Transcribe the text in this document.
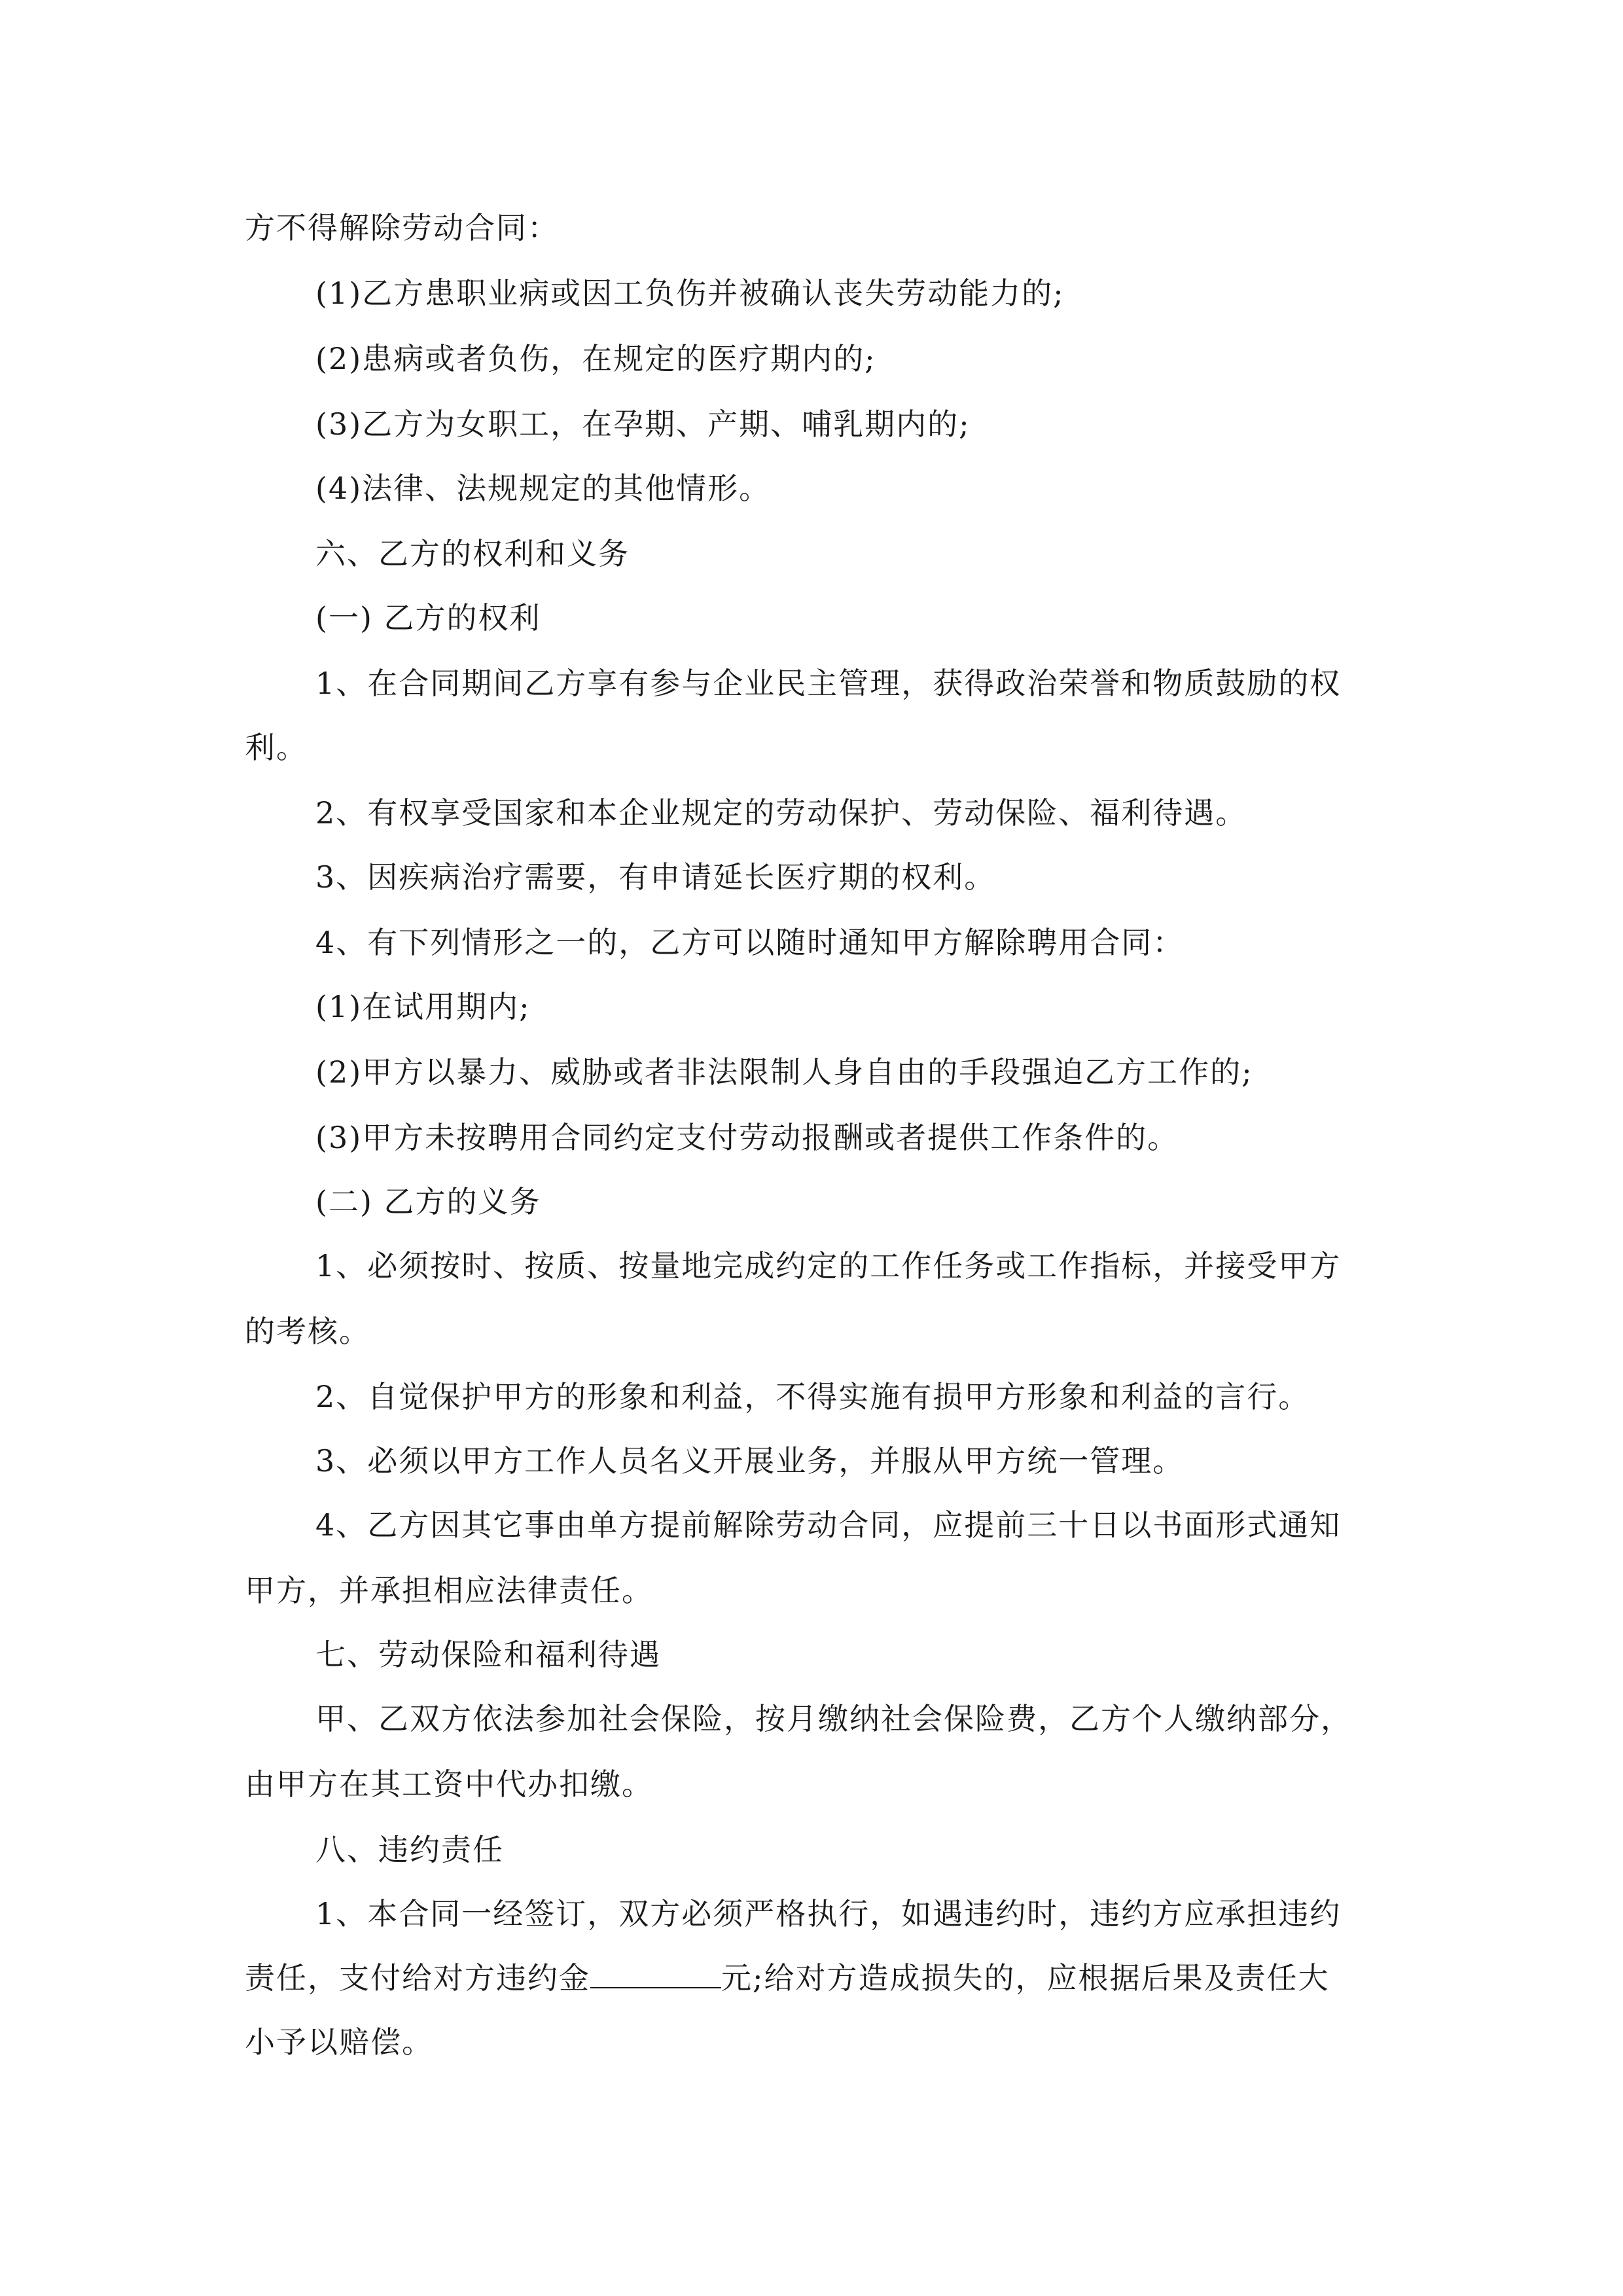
方不得解除劳动合同：
(1)乙方患职业病或因工负伤并被确认丧失劳动能力的;
(2)患病或者负伤，在规定的医疗期内的;
(3)乙方为女职工，在孕期、产期、哺乳期内的;
(4)法律、法规规定的其他情形。
六、乙方的权利和义务
(一) 乙方的权利
1、在合同期间乙方享有参与企业民主管理，获得政治荣誉和物质鼓励的权
利。
2、有权享受国家和本企业规定的劳动保护、劳动保险、福利待遇。
3、因疾病治疗需要，有申请延长医疗期的权利。
4、有下列情形之一的，乙方可以随时通知甲方解除聘用合同：
(1)在试用期内;
(2)甲方以暴力、威胁或者非法限制人身自由的手段强迫乙方工作的;
(3)甲方未按聘用合同约定支付劳动报酬或者提供工作条件的。
(二) 乙方的义务
1、必须按时、按质、按量地完成约定的工作任务或工作指标，并接受甲方
的考核。
2、自觉保护甲方的形象和利益，不得实施有损甲方形象和利益的言行。
3、必须以甲方工作人员名义开展业务，并服从甲方统一管理。
4、乙方因其它事由单方提前解除劳动合同，应提前三十日以书面形式通知
甲方，并承担相应法律责任。
七、劳动保险和福利待遇
甲、乙双方依法参加社会保险，按月缴纳社会保险费，乙方个人缴纳部分，
由甲方在其工资中代办扣缴。
八、违约责任
1、本合同一经签订，双方必须严格执行，如遇违约时，违约方应承担违约
责任，支付给对方违约金	元;给对方造成损失的，应根据后果及责任大
小予以赔偿。
